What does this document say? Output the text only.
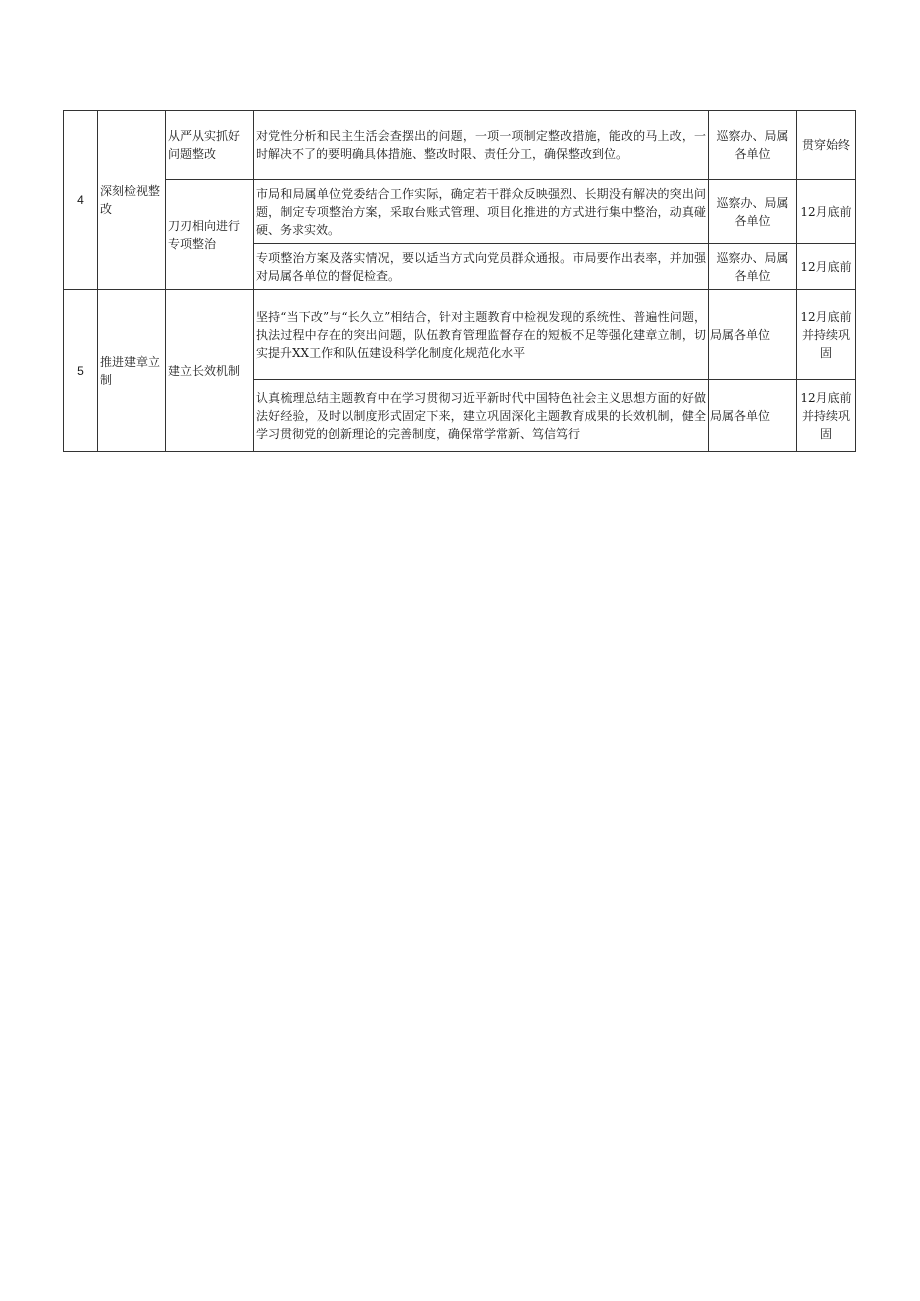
4	深刻检视整改	从严从实抓好问题整改	对党性分析和民主生活会查摆出的问题，一项一项制定整改措施，能改的马上改，一时解决不了的要明确具体措施、整改时限、责任分工，确保整改到位。	巡察办、局属各单位	贯穿始终
		刀刃相向进行专项整治	市局和局属单位党委结合工作实际，确定若干群众反映强烈、长期没有解决的突出问题，制定专项整治方案，采取台账式管理、项目化推进的方式进行集中整治，动真碰硬、务求实效。	巡察办、局属各单位	12月底前
			专项整治方案及落实情况，要以适当方式向党员群众通报。市局要作出表率，并加强对局属各单位的督促检查。	巡察办、局属各单位	12月底前
5	推进建章立制	建立长效机制	坚持“当下改”与“长久立”相结合，针对主题教育中检视发现的系统性、普遍性问题，执法过程中存在的突出问题，队伍教育管理监督存在的短板不足等强化建章立制，切实提升XX工作和队伍建设科学化制度化规范化水平	局属各单位	12月底前并持续巩固
			认真梳理总结主题教育中在学习贯彻习近平新时代中国特色社会主义思想方面的好做法好经验，及时以制度形式固定下来，建立巩固深化主题教育成果的长效机制，健全学习贯彻党的创新理论的完善制度，确保常学常新、笃信笃行	局属各单位	12月底前并持续巩固
